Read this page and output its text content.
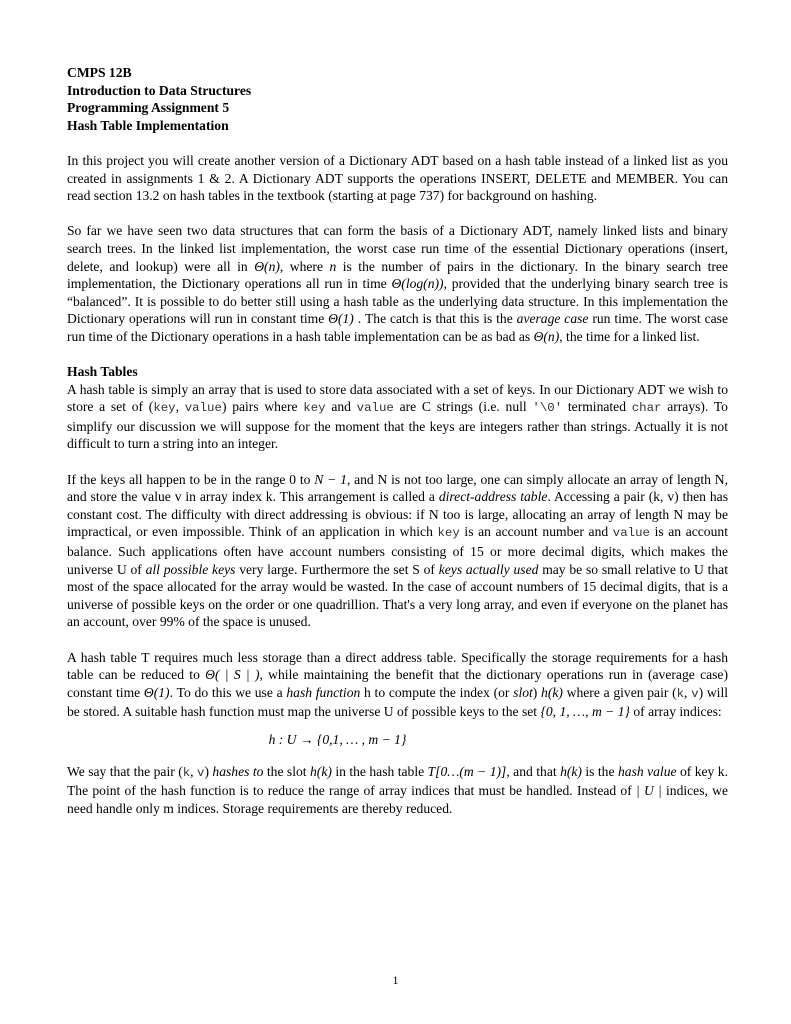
CMPS 12B

Introduction to Data Structures

Programming Assignment 5

Hash Table Implementation

In this project you will create another version of a Dictionary ADT based on a hash table instead of a linked list as you created in assignments 1 & 2. A Dictionary ADT supports the operations INSERT, DELETE and MEMBER. You can read section 13.2 on hash tables in the textbook (starting at page 737) for background on hashing.

So far we have seen two data structures that can form the basis of a Dictionary ADT, namely linked lists and binary search trees. In the linked list implementation, the worst case run time of the essential Dictionary operations (insert, delete, and lookup) were all in Θ(n), where n is the number of pairs in the dictionary. In the binary search tree implementation, the Dictionary operations all run in time Θ(log(n)), provided that the underlying binary search tree is “balanced”. It is possible to do better still using a hash table as the underlying data structure. In this implementation the Dictionary operations will run in constant time Θ(1) . The catch is that this is the average case run time. The worst case run time of the Dictionary operations in a hash table implementation can be as bad as Θ(n), the time for a linked list.

Hash Tables

A hash table is simply an array that is used to store data associated with a set of keys. In our Dictionary ADT we wish to store a set of (key, value) pairs where key and value are C strings (i.e. null '\0' terminated char arrays). To simplify our discussion we will suppose for the moment that the keys are integers rather than strings. Actually it is not difficult to turn a string into an integer.

If the keys all happen to be in the range 0 to N − 1, and N is not too large, one can simply allocate an array of length N, and store the value v in array index k. This arrangement is called a direct-address table. Accessing a pair (k, v) then has constant cost. The difficulty with direct addressing is obvious: if N too is large, allocating an array of length N may be impractical, or even impossible. Think of an application in which key is an account number and value is an account balance. Such applications often have account numbers consisting of 15 or more decimal digits, which makes the universe U of all possible keys very large. Furthermore the set S of keys actually used may be so small relative to U that most of the space allocated for the array would be wasted. In the case of account numbers of 15 decimal digits, that is a universe of possible keys on the order or one quadrillion. That's a very long array, and even if everyone on the planet has an account, over 99% of the space is unused.

A hash table T requires much less storage than a direct address table. Specifically the storage requirements for a hash table can be reduced to Θ( | S | ), while maintaining the benefit that the dictionary operations run in (average case) constant time Θ(1). To do this we use a hash function h to compute the index (or slot) h(k) where a given pair (k, v) will be stored. A suitable hash function must map the universe U of possible keys to the set {0, 1, …, m − 1} of array indices:

h : U → {0,1, … , m − 1}

We say that the pair (k, v) hashes to the slot h(k) in the hash table T[0…(m − 1)], and that h(k) is the hash value of key k. The point of the hash function is to reduce the range of array indices that must be handled. Instead of | U | indices, we need handle only m indices. Storage requirements are thereby reduced.

1
